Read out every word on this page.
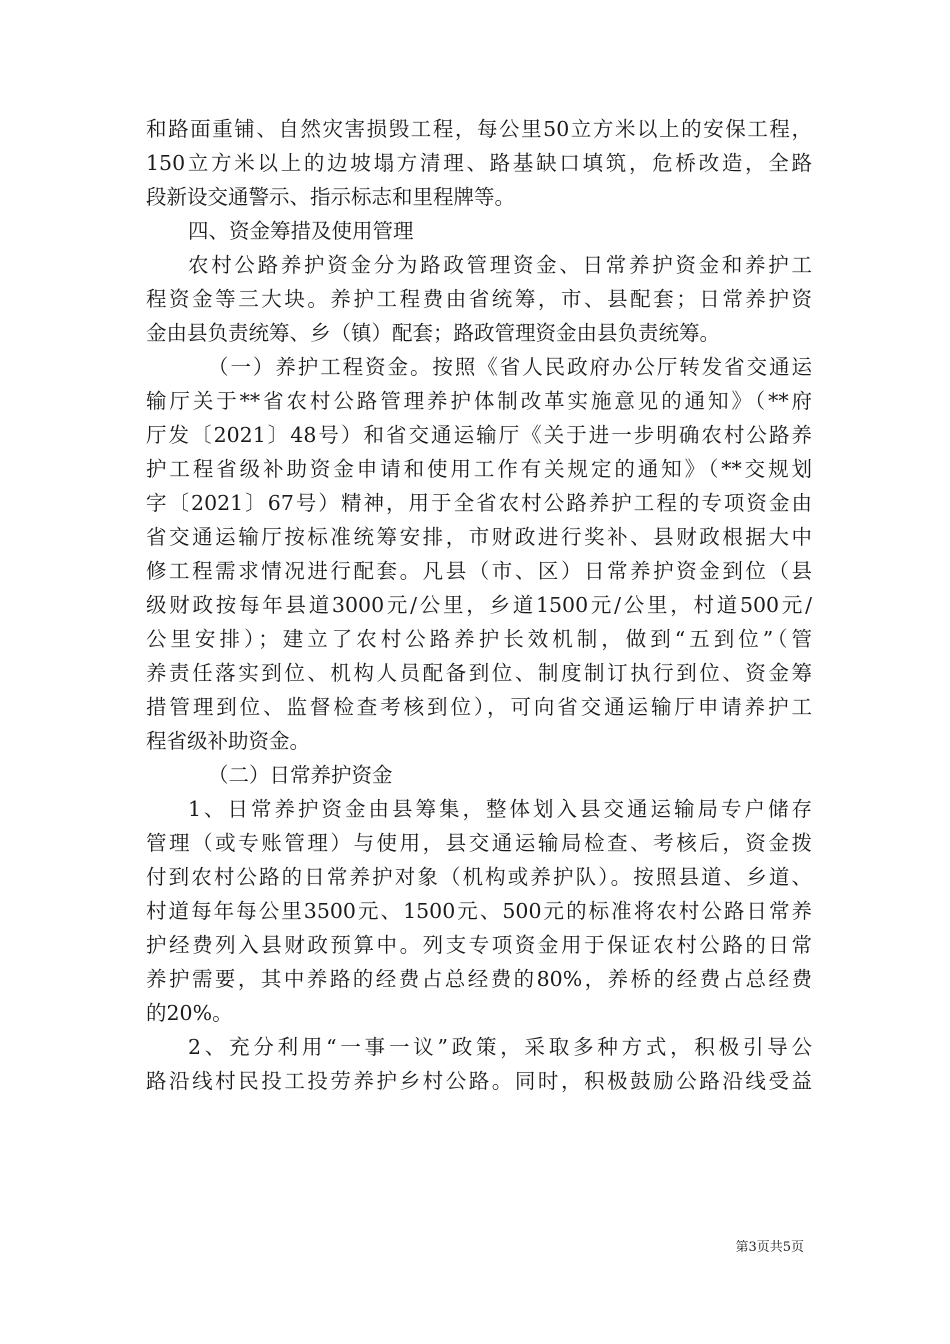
和路面重铺、自然灾害损毁工程，每公里50立方米以上的安保工程，
150立方米以上的边坡塌方清理、路基缺口填筑，危桥改造，全路
段新设交通警示、指示标志和里程牌等。
四、资金筹措及使用管理
农村公路养护资金分为路政管理资金、日常养护资金和养护工
程资金等三大块。养护工程费由省统筹，市、县配套；日常养护资
金由县负责统筹、乡（镇）配套；路政管理资金由县负责统筹。
（一）养护工程资金。按照《省人民政府办公厅转发省交通运
输厅关于**省农村公路管理养护体制改革实施意见的通知》（**府
厅发〔2021〕48号）和省交通运输厅《关于进一步明确农村公路养
护工程省级补助资金申请和使用工作有关规定的通知》（**交规划
字〔2021〕67号）精神，用于全省农村公路养护工程的专项资金由
省交通运输厅按标准统筹安排，市财政进行奖补、县财政根据大中
修工程需求情况进行配套。凡县（市、区）日常养护资金到位（县
级财政按每年县道3000元/公里，乡道1500元/公里，村道500元/
公里安排）；建立了农村公路养护长效机制，做到“五到位”（管
养责任落实到位、机构人员配备到位、制度制订执行到位、资金筹
措管理到位、监督检查考核到位），可向省交通运输厅申请养护工
程省级补助资金。
（二）日常养护资金
1、日常养护资金由县筹集，整体划入县交通运输局专户储存
管理（或专账管理）与使用，县交通运输局检查、考核后，资金拨
付到农村公路的日常养护对象（机构或养护队）。按照县道、乡道、
村道每年每公里3500元、1500元、500元的标准将农村公路日常养
护经费列入县财政预算中。列支专项资金用于保证农村公路的日常
养护需要，其中养路的经费占总经费的80%，养桥的经费占总经费
的20%。
2、充分利用“一事一议”政策，采取多种方式，积极引导公
路沿线村民投工投劳养护乡村公路。同时，积极鼓励公路沿线受益
第3页共5页
